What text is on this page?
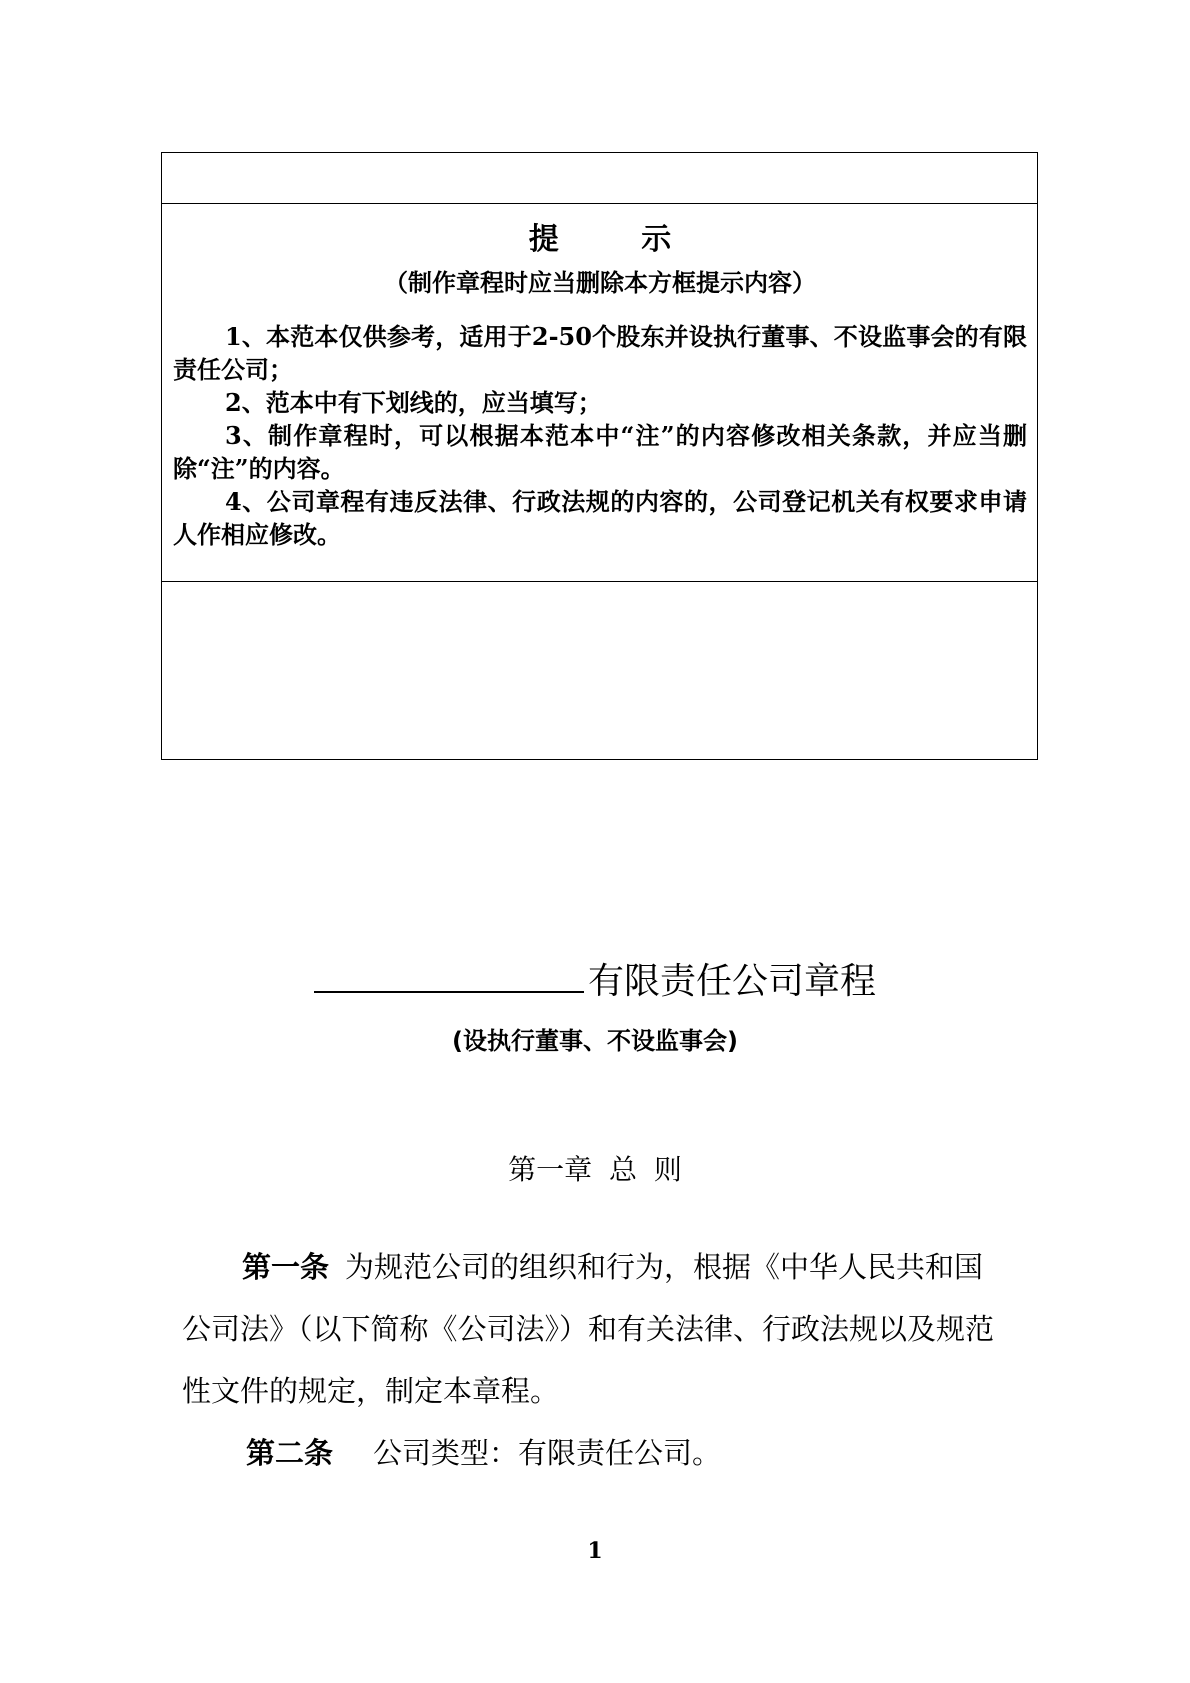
提 示
（制作章程时应当删除本方框提示内容）

1、本范本仅供参考，适用于2-50个股东并设执行董事、不设监事会的有限责任公司；

2、范本中有下划线的，应当填写；

3、制作章程时，可以根据本范本中“注”的内容修改相关条款，并应当删除“注”的内容。

4、公司章程有违反法律、行政法规的内容的，公司登记机关有权要求申请人作相应修改。

有限责任公司章程
(设执行董事、不设监事会)
第一章 总 则

第一条 为规范公司的组织和行为，根据《中华人民共和国公司法》（以下简称《公司法》）和有关法律、行政法规以及规范性文件的规定，制定本章程。

第二条 公司类型：有限责任公司。

1
